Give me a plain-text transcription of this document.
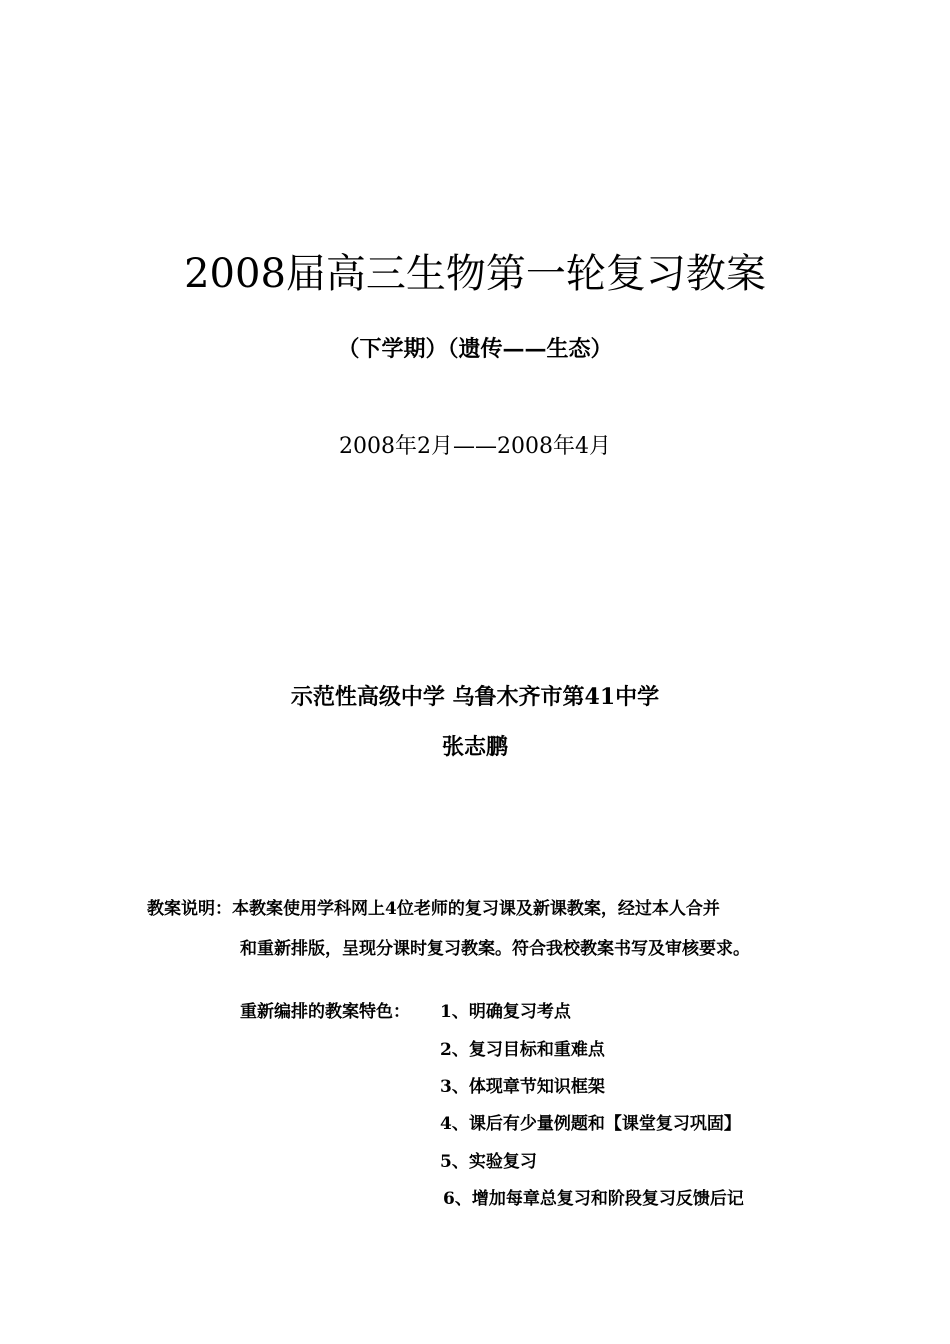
2008届高三生物第一轮复习教案
（下学期）（遗传——生态）
2008年2月——2008年4月
示范性高级中学 乌鲁木齐市第41中学
张志鹏
教案说明：本教案使用学科网上4位老师的复习课及新课教案，经过本人合并
和重新排版，呈现分课时复习教案。符合我校教案书写及审核要求。
重新编排的教案特色： 1、明确复习考点
2、复习目标和重难点
3、体现章节知识框架
4、课后有少量例题和【课堂复习巩固】
5、实验复习
6、增加每章总复习和阶段复习反馈后记
